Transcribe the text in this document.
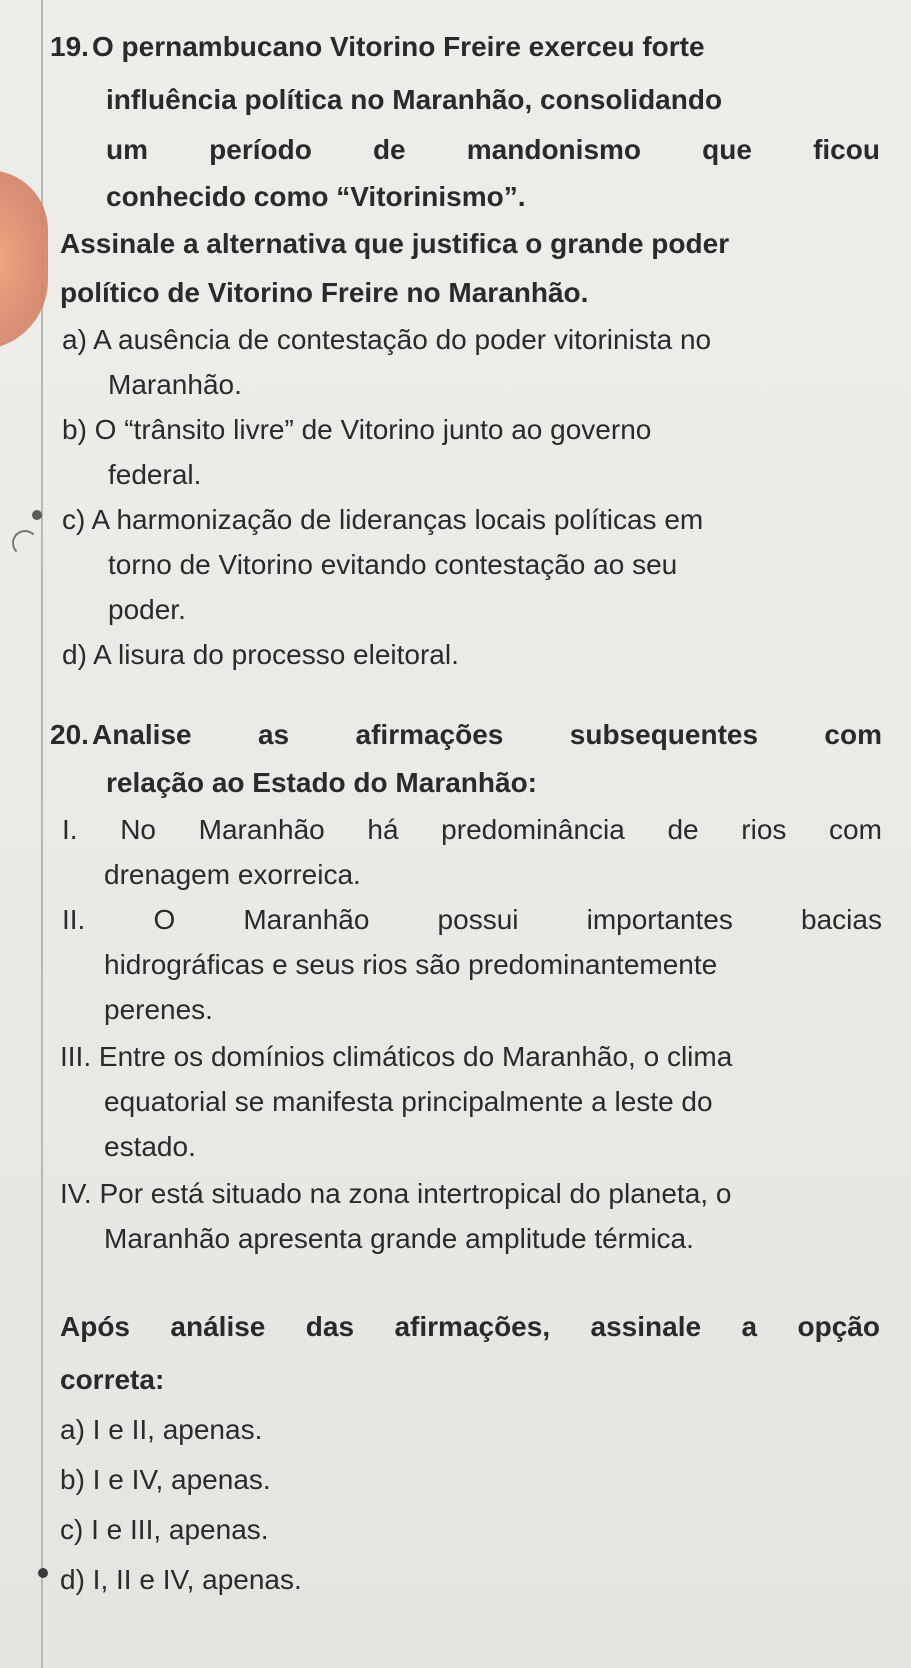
19. O pernambucano Vitorino Freire exerceu forte
influência política no Maranhão, consolidando
um período de mandonismo que ficou
conhecido como “Vitorinismo”.
Assinale a alternativa que justifica o grande poder
político de Vitorino Freire no Maranhão.
a) A ausência de contestação do poder vitorinista no
Maranhão.
b) O “trânsito livre” de Vitorino junto ao governo
federal.
c) A harmonização de lideranças locais políticas em
torno de Vitorino evitando contestação ao seu
poder.
d) A lisura do processo eleitoral.
20. Analise as afirmações subsequentes com
relação ao Estado do Maranhão:
I. No Maranhão há predominância de rios com
drenagem exorreica.
II. O Maranhão possui importantes bacias
hidrográficas e seus rios são predominantemente
perenes.
III. Entre os domínios climáticos do Maranhão, o clima
equatorial se manifesta principalmente a leste do
estado.
IV. Por está situado na zona intertropical do planeta, o
Maranhão apresenta grande amplitude térmica.
Após análise das afirmações, assinale a opção
correta:
a) I e II, apenas.
b) I e IV, apenas.
c) I e III, apenas.
d) I, II e IV, apenas.
